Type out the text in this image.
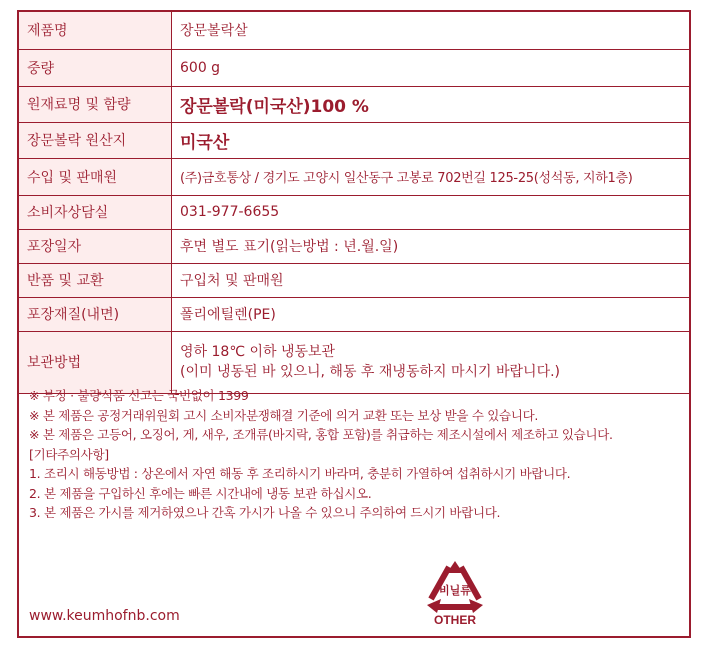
제품명	장문볼락살
중량	600 g
원재료명 및 함량	장문볼락(미국산)100 %
장문볼락 원산지	미국산
수입 및 판매원	(주)금호통상 / 경기도 고양시 일산동구 고봉로 702번길 125-25(성석동, 지하1층)
소비자상담실	031-977-6655
포장일자	후면 별도 표기(읽는방법 : 년.월.일)
반품 및 교환	구입처 및 판매원
포장재질(내면)	폴리에틸렌(PE)
보관방법	영하 18℃ 이하 냉동보관
(이미 냉동된 바 있으니, 해동 후 재냉동하지 마시기 바랍니다.)
※ 부정 · 불량식품 신고는 국번없이 1399
※ 본 제품은 공정거래위원회 고시 소비자분쟁해결 기준에 의거 교환 또는 보상 받을 수 있습니다.
※ 본 제품은 고등어, 오징어, 게, 새우, 조개류(바지락, 홍합 포함)를 취급하는 제조시설에서 제조하고 있습니다.
[기타주의사항]
1. 조리시 해동방법 : 상온에서 자연 해동 후 조리하시기 바라며, 충분히 가열하여 섭취하시기 바랍니다.
2. 본 제품을 구입하신 후에는 빠른 시간내에 냉동 보관 하십시오.
3. 본 제품은 가시를 제거하였으나 간혹 가시가 나올 수 있으니 주의하여 드시기 바랍니다.
비닐류
OTHER
www.keumhofnb.com
